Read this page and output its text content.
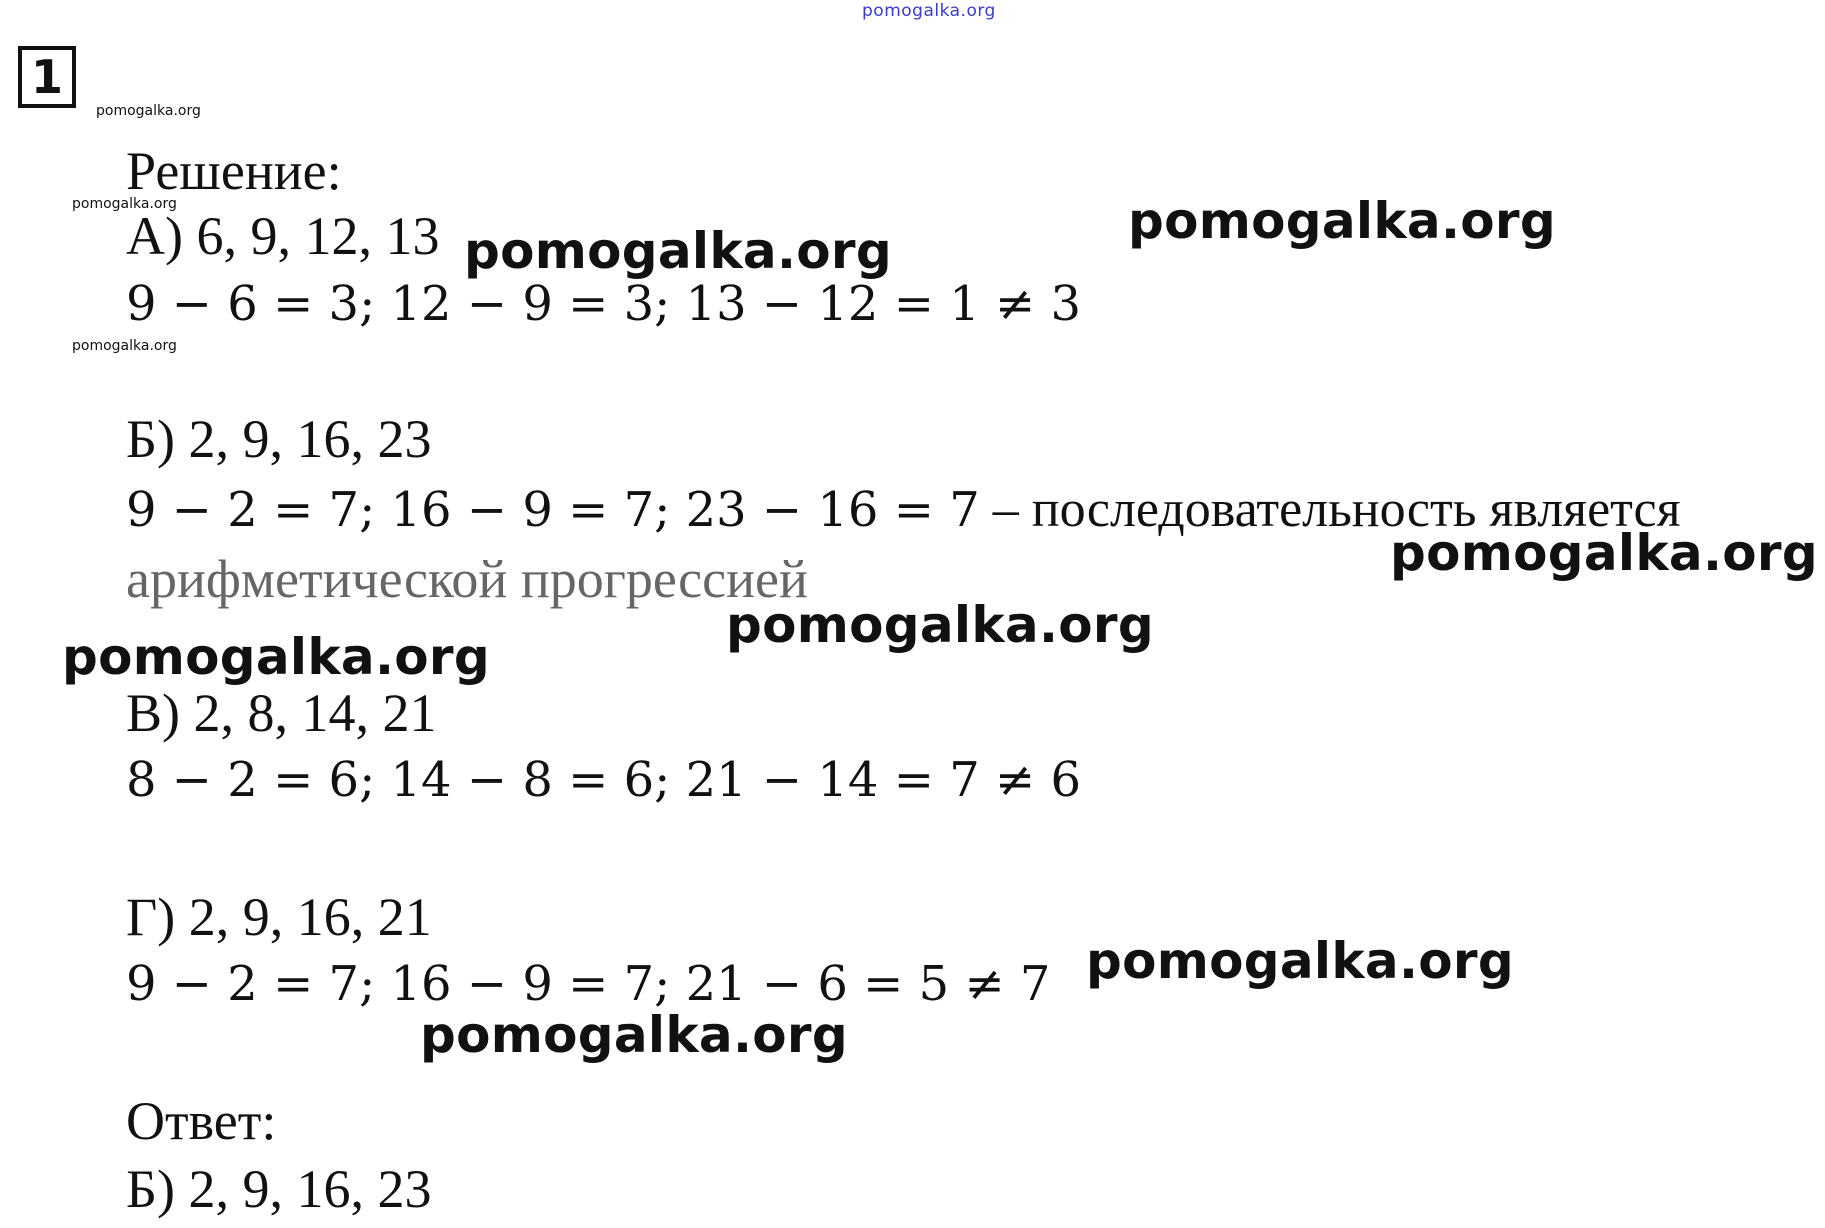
pomogalka.org
1
pomogalka.org
pomogalka.org
pomogalka.org
Решение:
А) 6, 9, 12, 13
9 − 6 = 3; 12 − 9 = 3; 13 − 12 = 1 ≠ 3
Б) 2, 9, 16, 23
9 − 2 = 7; 16 − 9 = 7; 23 − 16 = 7 – последовательность является
арифметической прогрессией
В) 2, 8, 14, 21
8 − 2 = 6; 14 − 8 = 6; 21 − 14 = 7 ≠ 6
Г) 2, 9, 16, 21
9 − 2 = 7; 16 − 9 = 7; 21 − 6 = 5 ≠ 7
Ответ:
Б) 2, 9, 16, 23
pomogalka.org
pomogalka.org
pomogalka.org
pomogalka.org
pomogalka.org
pomogalka.org
pomogalka.org
